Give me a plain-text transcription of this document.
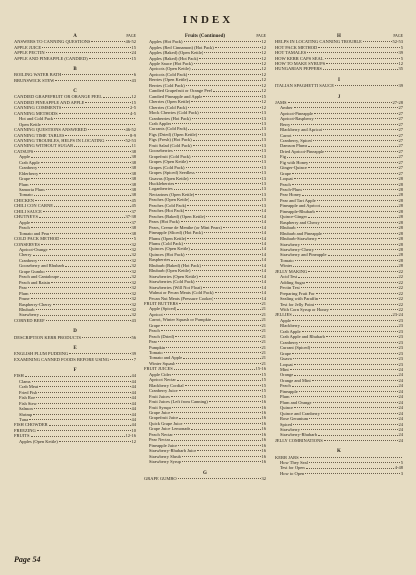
INDEX
A	PAGE
ANSWERS TO CANNING QUESTIONS	46-52
APPLE JUICE	15
APPLE PECTIN	24
APPLE AND PINEAPPLE (CANDIED)	15
B
BOILING WATER BATH	6
BRUNSWICK STEW	43
C
CANDIED GRAPEFRUIT OR ORANGE PEEL	12
CANDIED PINEAPPLE AND APPLE	15
CANNING COMMENTS	2-5
CANNING METHODS	4-5
Hot and Cold Pack
Open Kettle
CANNING QUESTIONS ANSWERED	46-52
CANNING TIME TABLES	8-9
CANNING TROUBLES, HELPS IN LOCATING	52-53
CANNING WITHOUT SUGAR	11
CATSUPS	38
Apple	38
Crab Apple	38
Cranberry	38
Elderberry	38
Grape	38
Plum	38
Samoria Plum	38
Tomato	38
CHICKEN	45
CHILI CON CARNE	45
CHILI SAUCE	37
CHUTNEYS	37-38
Apple	37
Peach	38
Tomato and Pear	38
COLD PACK METHOD	5
CONSERVES	32
Apricot-Orange	32
Cherry	32
Cranberry	32
Gooseberry and Rhubarb	32
Grape Gumbo	32
Peach and Cantaloupe	32
Peach and Raisin	32
Pear	32
Plum	32
Prune	32
Raspberry-Cherry	32
Rhubarb	32
Strawberry	32
CORNED BEEF	43
D
DESCRIPTION KERR PRODUCTS	56
E
ENGLISH PLUM PUDDING	39
EXAMINING CANNED FOODS BEFORE USING	7
F
FISH	44
Clams	44
Crab Meat	44
Fried Fish	44
Fish Roe	44
Fish Stew	44
Salmon	44
Shrimp	44
Tuna	44
FISH CHOWDER	44
FREEZING	10
FRUITS	12-16
Apples (Open Kettle)	12
Fruits (Continued)	PAGE
Apples (Hot Pack)	12
Apples (Red Cinnamon) (Hot Pack)	12
Apples (Baked) (Open Kettle)	12
Apples (Baked) (Hot Pack)	12
Apple Sauce (Hot Pack)	12
Apricots (Open Kettle)	12
Apricots (Cold Pack)	12
Berries (Open Kettle)	12
Berries (Cold Pack)	12
Candied Grapefruit or Orange Peel	12
Candied Pineapple and Apple	15
Cherries (Open Kettle)	12
Cherries (Cold Pack)	12
Mock Cherries (Cold Pack)	13
Cranberries (Hot Pack)	13
Crab Apples	13
Currants (Cold Pack)	13
Figs (Dried) (Open Kettle)	13
Figs (Fresh) (Hot Pack)	13
Fruit Salad (Cold Pack)	13
Gooseberries	13
Grapefruit (Cold Pack)	13
Grapes (Open Kettle)	13
Grapes (Cold Pack)	13
Grapes (Spiced) Seedless	13
Guavas (Open Kettle)	13
Huckleberries	13
Loganberries	13
Nectarines (Open Kettle)	13
Peaches (Open Kettle)	13
Peaches (Cold Pack)	13
Peaches (Hot Pack)	14
Peaches (Baked) (Open Kettle)	14
Pears (Hot Pack)	14
Pears, Creme de Menthe (or Mint Pears)	14
Pineapple (Sliced) (Hot Pack)	14
Plums (Open Kettle)	14
Plums (Cold Pack)	14
Quinces (Open Kettle)	14
Quinces (Hot Pack)	14
Raspberries	14
Rhubarb (Baked) (Hot Pack)	14
Rhubarb (Open Kettle)	14
Strawberries (Open Kettle)	14
Strawberries (Cold Pack)	14
Strawberries (Will Not Float)	14
Walnut or Pecan Meats (Cold Pack)	14
Pecan Nut Meats (Pressure Cooker)	14
FRUIT BUTTERS	21
Apple (Spiced)	21
Apricot	21
Carrot, Winter Squash or Pumpkin	21
Grape	21
Peach	21
Peach (Dried)	21
Pear	21
Pumpkin	21
Tomato	21
Tomato and Apple	21
Winter Squash	21
FRUIT JUICES	15-16
Apple Cider	15
Apricot Nectar	15
Blackberry Cordial	15
Cranberry Juice	15
Fruit Juices	15
Fruit Juices (Left from Canning)	16
Fruit Syrups	16
Grape Juice	16
Grapefruit Juice	16
Quick Grape Juice	16
Grape Juice Lemonade	16
Peach Nectar	16
Pear Nectar	16
Pineapple Juice	16
Strawberry-Rhubarb Juice	16
Strawberry Shrub	16
Strawberry Syrup	16
G
GRAPE GUMBO	32
H	PAGE
HELPS IN LOCATING CANNING TROUBLE	52-53
HOT PACK METHOD	5
HOT TAMALES	39
HOW KERR CAPS SEAL	5
HOW TO MAKE SYRUPS	12
HUNGARIAN PEPPERS	35
I
ITALIAN SPAGHETTI SAUCE	39
J
JAMS	27-28
Amber	27
Apricot-Pineapple	27
Apricot-Raspberry	27
Berry	27
Blackberry and Apricot	27
Carrot	27
Cranberry, Spiced	27
Damson Plums	27
Dried Apricot-Pineapple	27
Fig	27
Fig with Honey	27
Ginger-Quince	27
Grape	27
Loquat	28
Peach	28
Peach-Plum	28
Pear Honey	28
Pear and Tart Apple	28
Pineapple and Apricot	28
Pineapple-Rhubarb	28
Quince-Ginger	28
Raspberry and Cherry	28
Rhubarb	28
Rhubarb and Pineapple	28
Rhubarb-Strawberry	28
Strawberry	28
Strawberry-Cherry	28
Strawberry and Pineapple	28
Tomato	28
Winter	28
JELLY MAKING	22
Acid Test	22
Adding Sugar	22
Pectin Test	22
Preparing Fruit For	22
Sealing with Paraffin	22
Test for Jelly Point	22
With Corn Syrup or Honey	22
JELLIES	23-24
Apple	23
Blackberry	23
Crab Apple	23
Crab Apple and Rhubarb	23
Cranberry	23
Currant (Spiced)	23
Grape	23
Guava	23
Loquat	23
Mint	24
Orange	24
Orange and Mint	24
Peach	24
Pineapple	24
Plum	24
Plum and Orange	24
Quince	24
Quince and Cranberry	24
Rose Geranium	24
Spiced	24
Strawberry	24
Strawberry-Rhubarb	24
JELLY COMBINATIONS	24
K
KERR JARS
How They Seal	5
Test for Open	4-48
How to Open	3
Page 54
